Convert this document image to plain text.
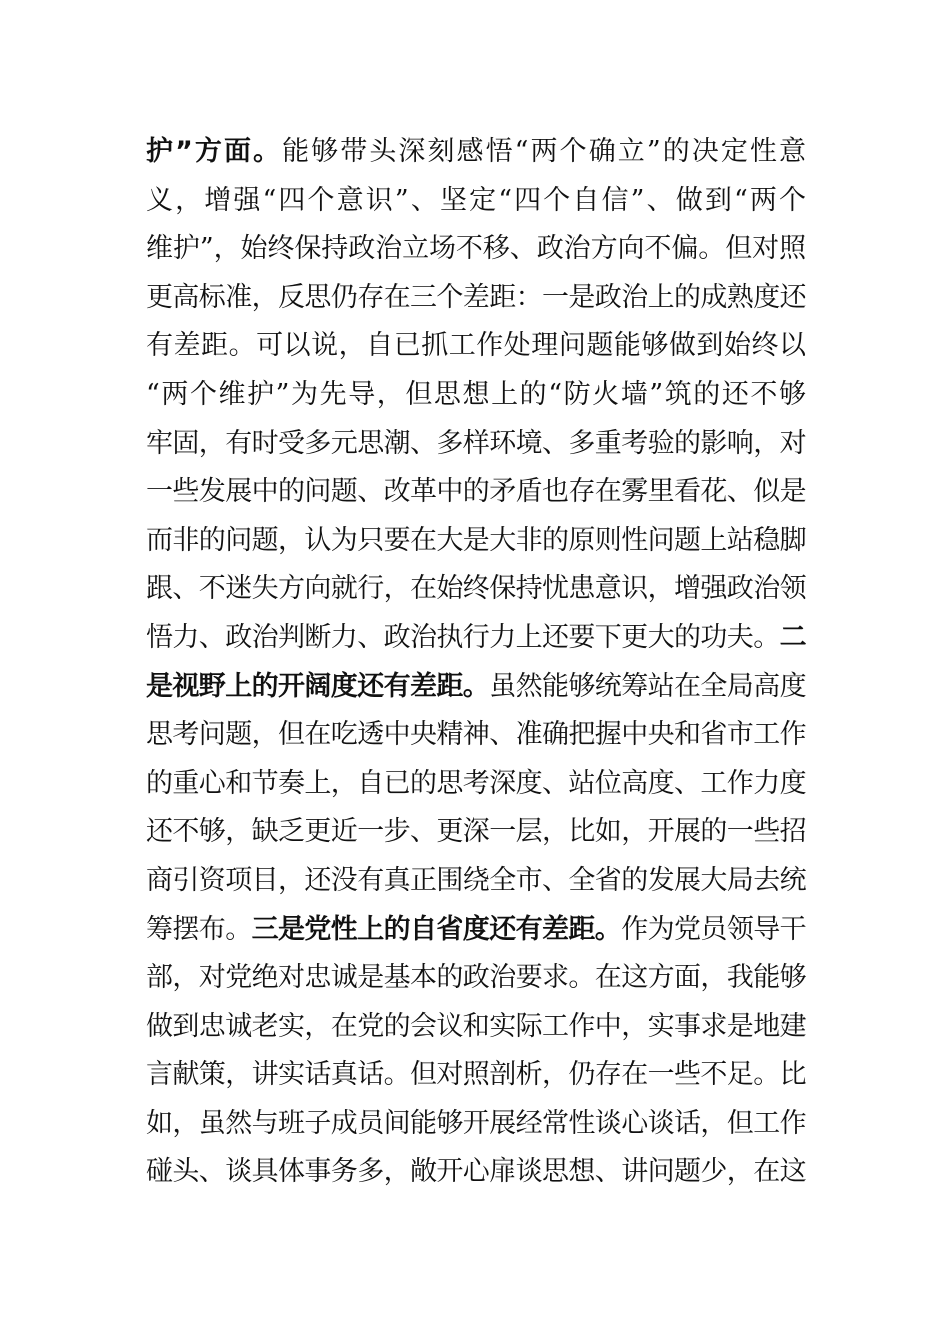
护”方面。能够带头深刻感悟“两个确立”的决定性意
义，增强“四个意识”、坚定“四个自信”、做到“两个
维护”，始终保持政治立场不移、政治方向不偏。但对照
更高标准，反思仍存在三个差距：一是政治上的成熟度还
有差距。可以说，自已抓工作处理问题能够做到始终以
“两个维护”为先导，但思想上的“防火墙”筑的还不够
牢固，有时受多元思潮、多样环境、多重考验的影响，对
一些发展中的问题、改革中的矛盾也存在雾里看花、似是
而非的问题，认为只要在大是大非的原则性问题上站稳脚
跟、不迷失方向就行，在始终保持忧患意识，增强政治领
悟力、政治判断力、政治执行力上还要下更大的功夫。二
是视野上的开阔度还有差距。虽然能够统筹站在全局高度
思考问题，但在吃透中央精神、准确把握中央和省市工作
的重心和节奏上，自已的思考深度、站位高度、工作力度
还不够，缺乏更近一步、更深一层，比如，开展的一些招
商引资项目，还没有真正围绕全市、全省的发展大局去统
筹摆布。三是党性上的自省度还有差距。作为党员领导干
部，对党绝对忠诚是基本的政治要求。在这方面，我能够
做到忠诚老实，在党的会议和实际工作中，实事求是地建
言献策，讲实话真话。但对照剖析，仍存在一些不足。比
如，虽然与班子成员间能够开展经常性谈心谈话，但工作
碰头、谈具体事务多，敞开心扉谈思想、讲问题少，在这
